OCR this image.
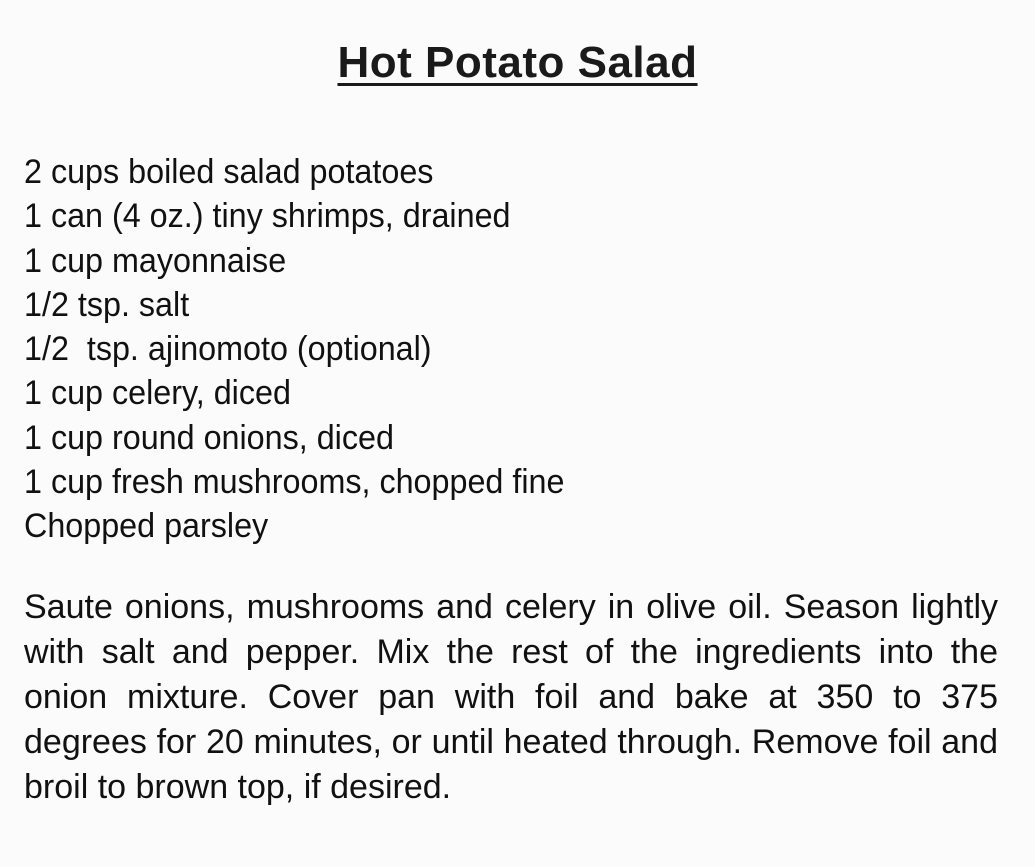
Hot Potato Salad
2 cups boiled salad potatoes
1 can (4 oz.) tiny shrimps, drained
1 cup mayonnaise
1/2 tsp. salt
1/2  tsp. ajinomoto (optional)
1 cup celery, diced
1 cup round onions, diced
1 cup fresh mushrooms, chopped fine
Chopped parsley

Saute onions, mushrooms and celery in olive oil. Season lightly with salt and pepper. Mix the rest of the ingredients into the onion mixture. Cover pan with foil and bake at 350 to 375 degrees for 20 minutes, or until heated through. Remove foil and broil to brown top, if desired.
